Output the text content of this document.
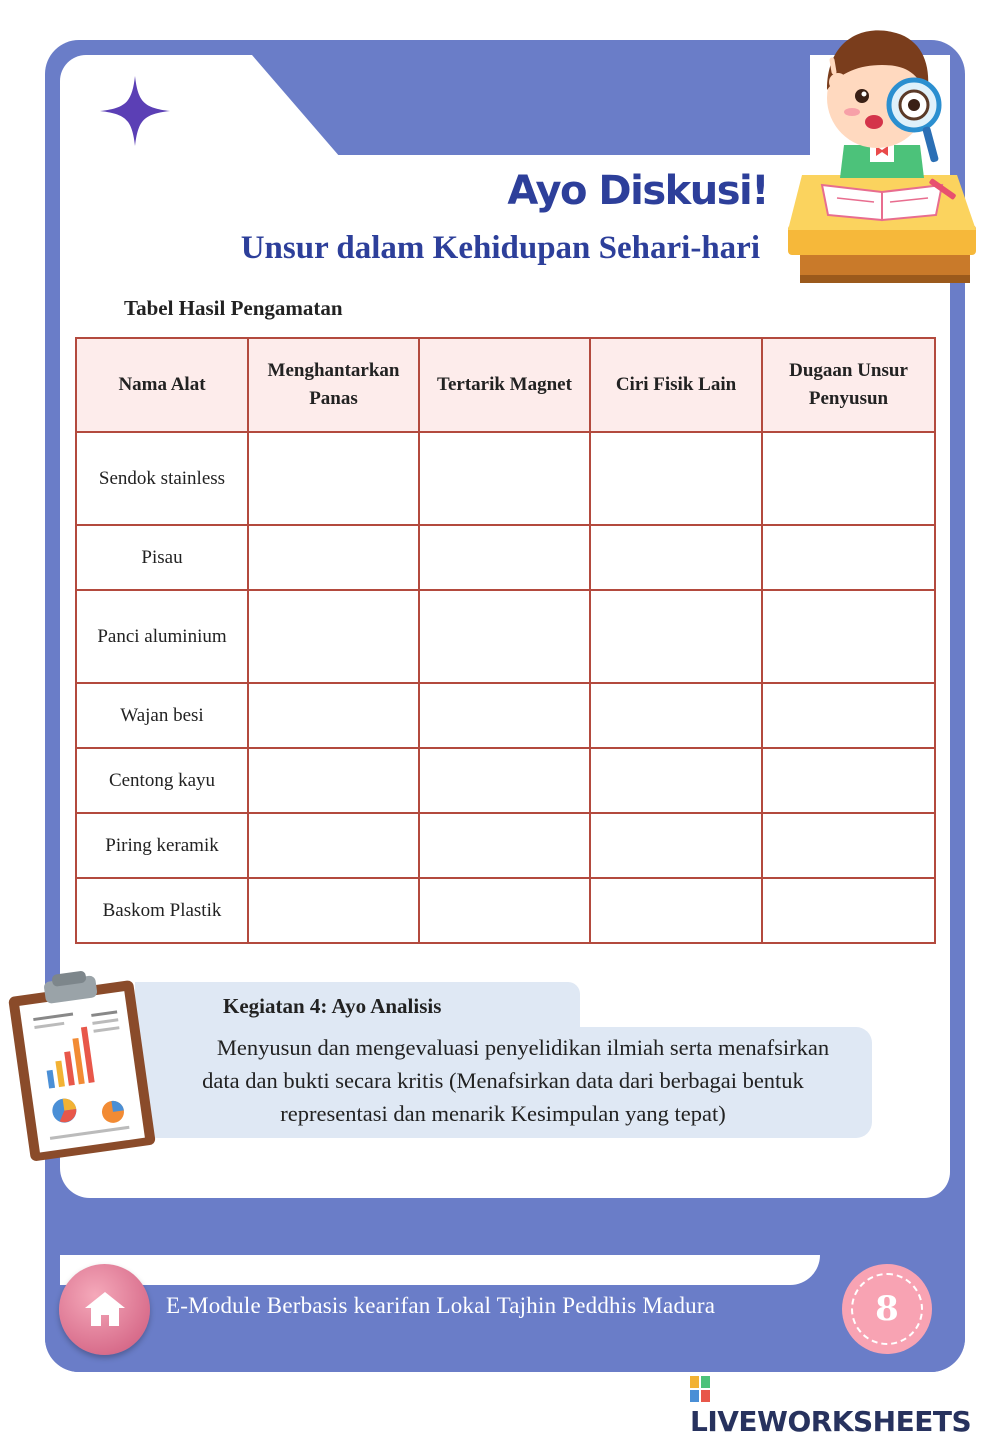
Ayo Diskusi!
Unsur dalam Kehidupan Sehari-hari
Tabel Hasil Pengamatan
Nama Alat	Menghantarkan Panas	Tertarik Magnet	Ciri Fisik Lain	Dugaan Unsur Penyusun
Sendok stainless				
Pisau				
Panci aluminium				
Wajan besi				
Centong kayu				
Piring keramik				
Baskom Plastik				
Kegiatan 4: Ayo Analisis
Menyusun dan mengevaluasi penyelidikan ilmiah serta menafsirkan
data dan bukti secara kritis (Menafsirkan data dari berbagai bentuk
representasi dan menarik Kesimpulan yang tepat)
E-Module Berbasis kearifan Lokal Tajhin Peddhis Madura	8
LIVEWORKSHEETS
